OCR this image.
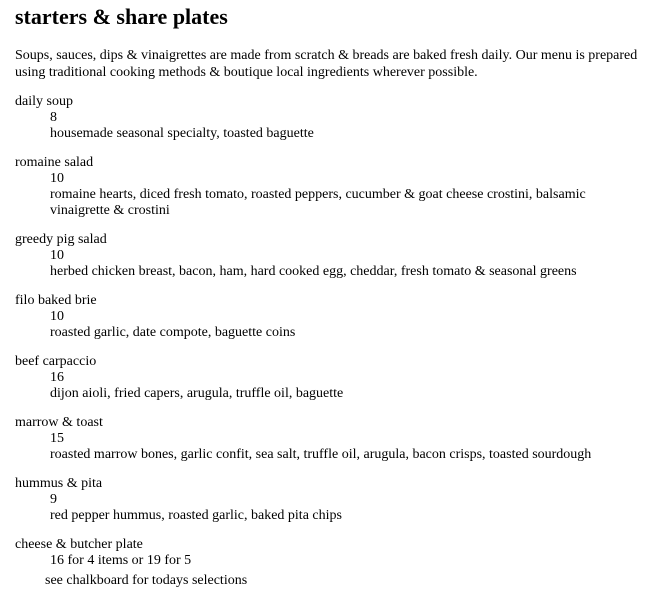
starters & share plates

Soups, sauces, dips & vinaigrettes are made from scratch & breads are baked fresh daily. Our menu is prepared using traditional cooking methods & boutique local ingredients wherever possible.

daily soup
8
housemade seasonal specialty, toasted baguette
romaine salad
10
romaine hearts, diced fresh tomato, roasted peppers, cucumber & goat cheese crostini, balsamic vinaigrette & crostini
greedy pig salad
10
herbed chicken breast, bacon, ham, hard cooked egg, cheddar, fresh tomato & seasonal greens
filo baked brie
10
roasted garlic, date compote, baguette coins
beef carpaccio
16
dijon aioli, fried capers, arugula, truffle oil, baguette
marrow & toast
15
roasted marrow bones, garlic confit, sea salt, truffle oil, arugula, bacon crisps, toasted sourdough
hummus & pita
9
red pepper hummus, roasted garlic, baked pita chips
cheese & butcher plate
16 for 4 items or 19 for 5
see chalkboard for todays selections
